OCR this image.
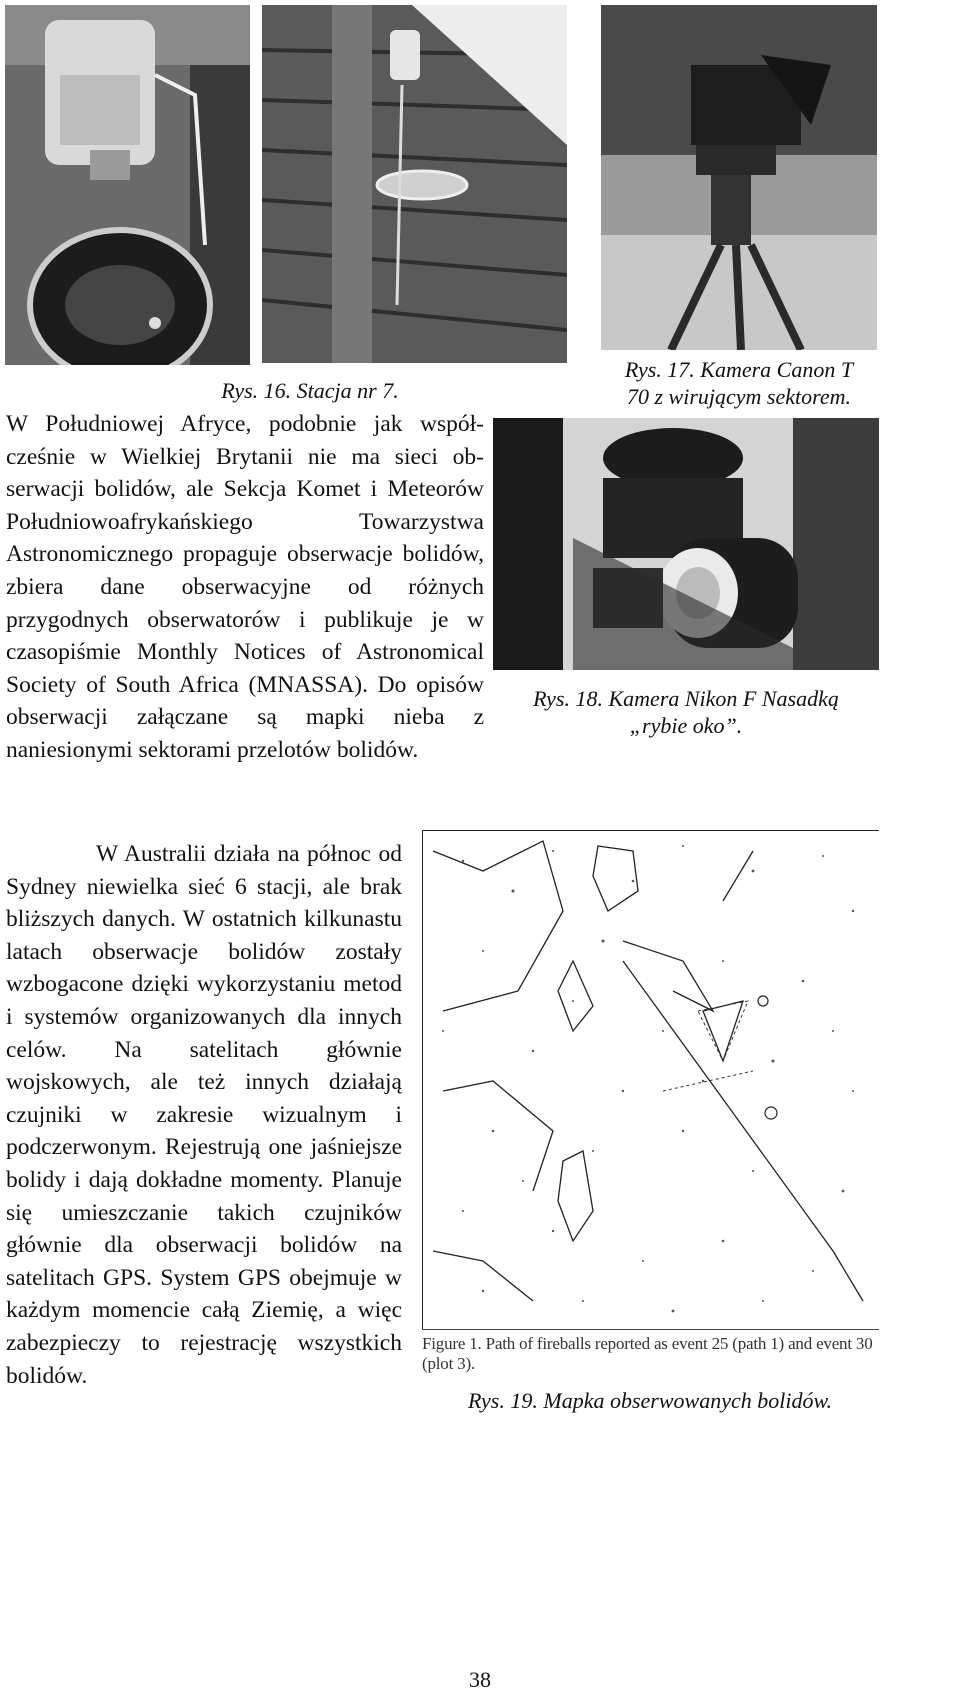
Rys. 16. Stacja nr 7.
Rys. 17. Kamera Canon T
70 z wirującym sektorem.
Rys. 18. Kamera Nikon F Nasadką
„rybie oko”.

W Południowej Afryce, podobnie jak współcześnie w Wielkiej Brytanii nie ma sieci obserwacji bolidów, ale Sekcja Komet i Meteorów Południowoafrykańskiego Towarzystwa Astronomicznego propaguje obserwacje bolidów, zbiera dane obserwacyjne od różnych przygodnych obserwatorów i publikuje je w czasopiśmie Monthly Notices of Astronomical Society of South Africa (MNASSA). Do opisów obserwacji załączane są mapki nieba z naniesionymi sektorami przelotów bolidów.

W Australii działa na północ od Sydney niewielka sieć 6 stacji, ale brak bliższych danych. W ostatnich kilkunastu latach obserwacje bolidów zostały wzbogacone dzięki wykorzystaniu metod i systemów organizowanych dla innych celów. Na satelitach głównie wojskowych, ale też innych działają czujniki w zakresie wizualnym i podczerwonym. Rejestrują one jaśniejsze bolidy i dają dokładne momenty. Planuje się umieszczanie takich czujników głównie dla obserwacji bolidów na satelitach GPS. System GPS obejmuje w każdym momencie całą Ziemię, a więc zabezpieczy to rejestrację wszystkich bolidów.

Figure 1. Path of fireballs reported as event 25 (path 1) and event 30 (plot 3).
Rys. 19. Mapka obserwowanych bolidów.
38
